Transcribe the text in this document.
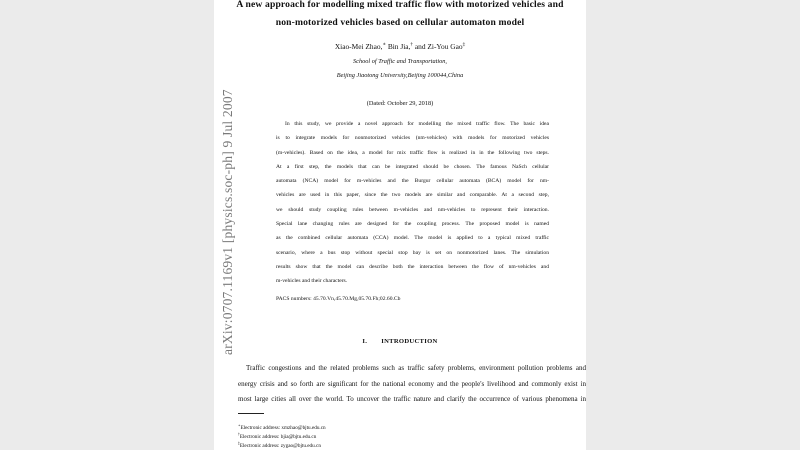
arXiv:0707.1169v1 [physics.soc-ph] 9 Jul 2007
A new approach for modelling mixed traffic flow with motorized vehicles and
non-motorized vehicles based on cellular automaton model
Xiao-Mei Zhao,∗ Bin Jia,† and Zi-You Gao‡
School of Traffic and Transportation,
Beijing Jiaotong University,Beijing 100044,China
(Dated: October 29, 2018)
In this study, we provide a novel approach for modelling the mixed traffic flow. The basic idea
is to integrate models for nonmotorized vehicles (nm-vehicles) with models for motorized vehicles
(m-vehicles). Based on the idea, a model for mix traffic flow is realized in in the following two steps.
At a first step, the models that can be integrated should be chosen. The famous NaSch cellular
automata (NCA) model for m-vehicles and the Burgur cellular automata (BCA) model for nm-
vehicles are used in this paper, since the two models are similar and comparable. At a second step,
we should study coupling rules between m-vehicles and nm-vehicles to represent their interaction.
Special lane changing rules are designed for the coupling process. The proposed model is named
as the combined cellular automata (CCA) model. The model is applied to a typical mixed traffic
scenario, where a bus stop without special stop bay is set on nonmotorized lanes. The simulation
results show that the model can describe both the interaction between the flow of nm-vehicles and
m-vehicles and their characters.
PACS numbers: 45.70.Vn,45.70.Mg,05.70.Fh;02.60.Cb
I. INTRODUCTION
Traffic congestions and the related problems such as traffic safety problems, environment pollution problems and
energy crisis and so forth are significant for the national economy and the people's livelihood and commonly exist in
most large cities all over the world. To uncover the traffic nature and clarify the occurrence of various phenomena in
∗Electronic address: xmzhao@bjtu.edu.cn
†Electronic address: bjia@bjtu.edu.cn
‡Electronic address: zygao@bjtu.edu.cn
